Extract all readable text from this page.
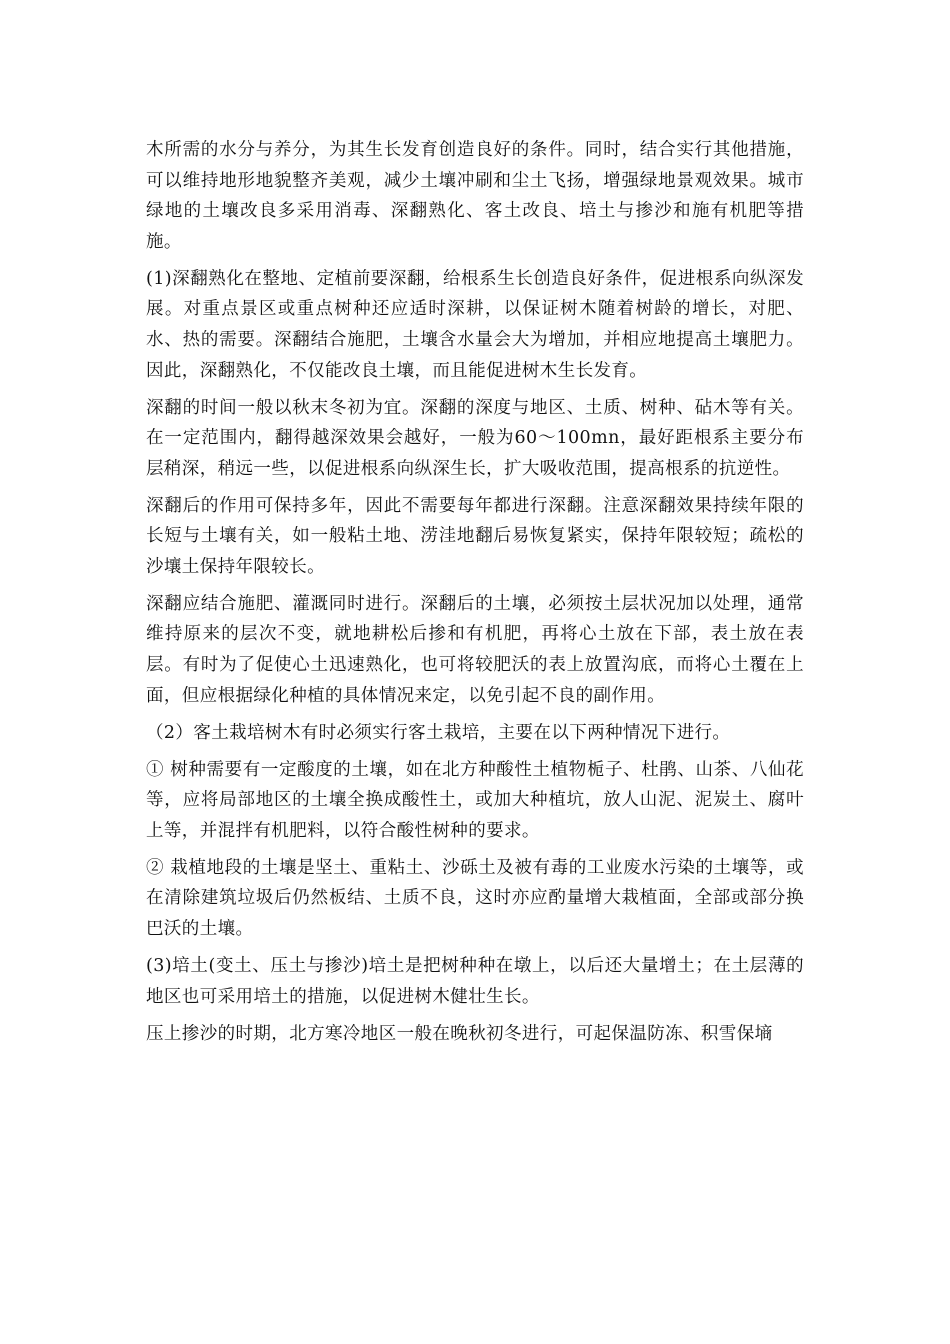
木所需的水分与养分，为其生长发育创造良好的条件。同时，结合实行其他措施，可以维持地形地貌整齐美观，减少土壤冲刷和尘土飞扬，增强绿地景观效果。城市绿地的土壤改良多采用消毒、深翻熟化、客土改良、培土与掺沙和施有机肥等措施。

(1)深翻熟化在整地、定植前要深翻，给根系生长创造良好条件，促进根系向纵深发展。对重点景区或重点树种还应适时深耕，以保证树木随着树龄的增长，对肥、水、热的需要。深翻结合施肥，土壤含水量会大为增加，并相应地提高土壤肥力。因此，深翻熟化，不仅能改良土壤，而且能促进树木生长发育。

深翻的时间一般以秋末冬初为宜。深翻的深度与地区、土质、树种、砧木等有关。在一定范围内，翻得越深效果会越好，一般为60～100mn，最好距根系主要分布层稍深，稍远一些，以促进根系向纵深生长，扩大吸收范围，提高根系的抗逆性。

深翻后的作用可保持多年，因此不需要每年都进行深翻。注意深翻效果持续年限的长短与土壤有关，如一般粘土地、涝洼地翻后易恢复紧实，保持年限较短；疏松的沙壤土保持年限较长。

深翻应结合施肥、灌溉同时进行。深翻后的土壤，必须按土层状况加以处理，通常维持原来的层次不变，就地耕松后掺和有机肥，再将心土放在下部，表土放在表层。有时为了促使心土迅速熟化，也可将较肥沃的表上放置沟底，而将心土覆在上面，但应根据绿化种植的具体情况来定，以免引起不良的副作用。

（2）客土栽培树木有时必须实行客土栽培，主要在以下两种情况下进行。

① 树种需要有一定酸度的土壤，如在北方种酸性土植物栀子、杜鹃、山茶、八仙花等，应将局部地区的土壤全换成酸性土，或加大种植坑，放人山泥、泥炭土、腐叶上等，并混拌有机肥料，以符合酸性树种的要求。

② 栽植地段的土壤是坚土、重粘土、沙砾土及被有毒的工业废水污染的土壤等，或在清除建筑垃圾后仍然板结、土质不良，这时亦应酌量增大栽植面，全部或部分换巴沃的土壤。

(3)培土(变土、压土与掺沙)培土是把树种种在墩上，以后还大量增土；在土层薄的地区也可采用培土的措施，以促进树木健壮生长。

压上掺沙的时期，北方寒冷地区一般在晚秋初冬进行，可起保温防冻、积雪保墒
